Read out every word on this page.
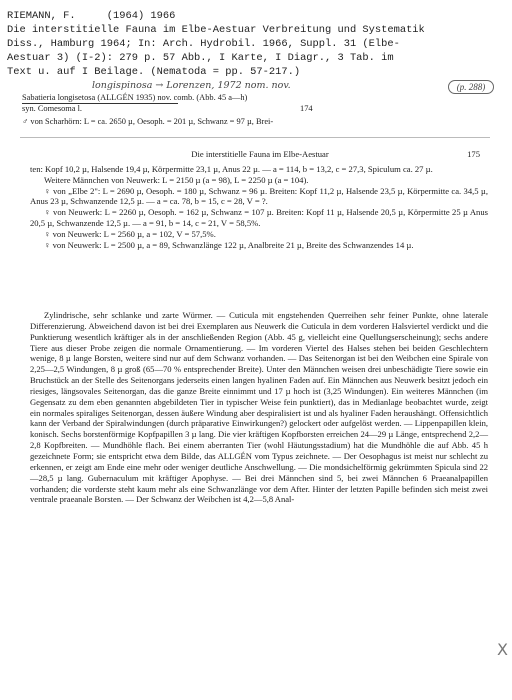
RIEMANN, F.     (1964) 1966
Die interstitielle Fauna im Elbe-Aestuar Verbreitung und Systematik
Diss., Hamburg 1964; In: Arch. Hydrobil. 1966, Suppl. 31 (Elbe-
Aestuar 3) (I-2): 279 p. 57 Abb., I Karte, I Diagr., 3 Tab. im
Text u. auf I Beilage. (Nematoda = pp. 57-217.)
longispinosa → Lorenzen, 1972 nom. nov.	(p. 288)
Sabatieria longisetosa (ALLGÉN 1935) nov. comb. (Abb. 45 a—h)
syn. Comesoma l.	174
♂ von Scharhörn: L = ca. 2650 µ, Oesoph. = 201 µ, Schwanz = 97 µ, Brei-
Die interstitielle Fauna im Elbe-Aestuar	175

ten: Kopf 10,2 µ, Halsende 19,4 µ, Körpermitte 23,1 µ, Anus 22 µ. — a = 114, b = 13,2, c = 27,3, Spiculum ca. 27 µ.

Weitere Männchen von Neuwerk: L = 2150 µ (a = 98), L = 2250 µ (a = 104).

♀ von „Elbe 2": L = 2690 µ, Oesoph. = 180 µ, Schwanz = 96 µ. Breiten: Kopf 11,2 µ, Halsende 23,5 µ, Körpermitte ca. 34,5 µ, Anus 23 µ, Schwanzende 12,5 µ. — a = ca. 78, b = 15, c = 28, V = ?.

♀ von Neuwerk: L = 2260 µ, Oesoph. = 162 µ, Schwanz = 107 µ. Breiten: Kopf 11 µ, Halsende 20,5 µ, Körpermitte 25 µ Anus 20,5 µ, Schwanzende 12,5 µ. — a = 91, b = 14, c = 21, V = 58,5%.

♀ von Neuwerk: L = 2560 µ, a = 102, V = 57,5%.

♀ von Neuwerk: L = 2500 µ, a = 89, Schwanzlänge 122 µ, Analbreite 21 µ, Breite des Schwanzendes 14 µ.

Zylindrische, sehr schlanke und zarte Würmer. — Cuticula mit engstehenden Querreihen sehr feiner Punkte, ohne laterale Differenzierung. Abweichend davon ist bei drei Exemplaren aus Neuwerk die Cuticula in dem vorderen Halsviertel verdickt und die Punktierung wesentlich kräftiger als in der anschließenden Region (Abb. 45 g, vielleicht eine Quellungserscheinung); sechs andere Tiere aus dieser Probe zeigen die normale Ornamentierung. — Im vorderen Viertel des Halses stehen bei beiden Geschlechtern wenige, 8 µ lange Borsten, weitere sind nur auf dem Schwanz vorhanden. — Das Seitenorgan ist bei den Weibchen eine Spirale von 2,25—2,5 Windungen, 8 µ groß (65—70 % entsprechender Breite). Unter den Männchen weisen drei unbeschädigte Tiere sowie ein Bruchstück an der Stelle des Seitenorgans jederseits einen langen hyalinen Faden auf. Ein Männchen aus Neuwerk besitzt jedoch ein riesiges, längsovales Seitenorgan, das die ganze Breite einnimmt und 17 µ hoch ist (3,25 Windungen). Ein weiteres Männchen (im Gegensatz zu dem eben genannten abgebildeten Tier in typischer Weise fein punktiert), das in Medianlage beobachtet wurde, zeigt ein normales spiraliges Seitenorgan, dessen äußere Windung aber despiralisiert ist und als hyaliner Faden heraushängt. Offensichtlich kann der Verband der Spiralwindungen (durch präparative Einwirkungen?) gelockert oder aufgelöst werden. — Lippenpapillen klein, konisch. Sechs borstenförmige Kopfpapillen 3 µ lang. Die vier kräftigen Kopfborsten erreichen 24—29 µ Länge, entsprechend 2,2—2,8 Kopfbreiten. — Mundhöhle flach. Bei einem aberranten Tier (wohl Häutungsstadium) hat die Mundhöhle die auf Abb. 45 h gezeichnete Form; sie entspricht etwa dem Bilde, das ALLGÉN vom Typus zeichnete. — Der Oesophagus ist meist nur schlecht zu erkennen, er zeigt am Ende eine mehr oder weniger deutliche Anschwellung. — Die mondsichelförmig gekrümmten Spicula sind 22—28,5 µ lang. Gubernaculum mit kräftiger Apophyse. — Bei drei Männchen sind 5, bei zwei Männchen 6 Praeanalpapillen vorhanden; die vorderste steht kaum mehr als eine Schwanzlänge vor dem After. Hinter der letzten Papille befinden sich meist zwei ventrale praeanale Borsten. — Der Schwanz der Weibchen ist 4,2—5,8 Anal-

X
